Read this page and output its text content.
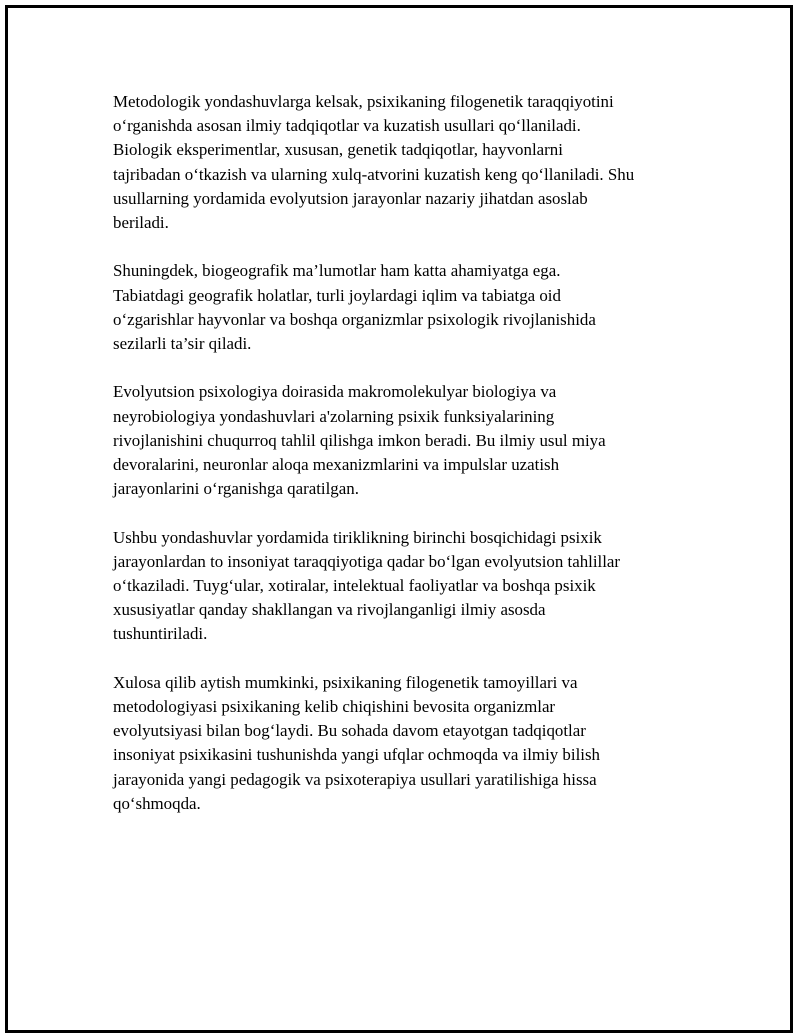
Metodologik yondashuvlarga kelsak, psixikaning filogenetik taraqqiyotini
o‘rganishda asosan ilmiy tadqiqotlar va kuzatish usullari qo‘llaniladi.
Biologik eksperimentlar, xususan, genetik tadqiqotlar, hayvonlarni
tajribadan o‘tkazish va ularning xulq-atvorini kuzatish keng qo‘llaniladi. Shu
usullarning yordamida evolyutsion jarayonlar nazariy jihatdan asoslab
beriladi.

Shuningdek, biogeografik ma’lumotlar ham katta ahamiyatga ega.
Tabiatdagi geografik holatlar, turli joylardagi iqlim va tabiatga oid
o‘zgarishlar hayvonlar va boshqa organizmlar psixologik rivojlanishida
sezilarli ta’sir qiladi.

Evolyutsion psixologiya doirasida makromolekulyar biologiya va
neyrobiologiya yondashuvlari a'zolarning psixik funksiyalarining
rivojlanishini chuqurroq tahlil qilishga imkon beradi. Bu ilmiy usul miya
devoralarini, neuronlar aloqa mexanizmlarini va impulslar uzatish
jarayonlarini o‘rganishga qaratilgan.

Ushbu yondashuvlar yordamida tiriklikning birinchi bosqichidagi psixik
jarayonlardan to insoniyat taraqqiyotiga qadar bo‘lgan evolyutsion tahlillar
o‘tkaziladi. Tuyg‘ular, xotiralar, intelektual faoliyatlar va boshqa psixik
xususiyatlar qanday shakllangan va rivojlanganligi ilmiy asosda
tushuntiriladi.

Xulosa qilib aytish mumkinki, psixikaning filogenetik tamoyillari va
metodologiyasi psixikaning kelib chiqishini bevosita organizmlar
evolyutsiyasi bilan bog‘laydi. Bu sohada davom etayotgan tadqiqotlar
insoniyat psixikasini tushunishda yangi ufqlar ochmoqda va ilmiy bilish
jarayonida yangi pedagogik va psixoterapiya usullari yaratilishiga hissa
qo‘shmoqda.
